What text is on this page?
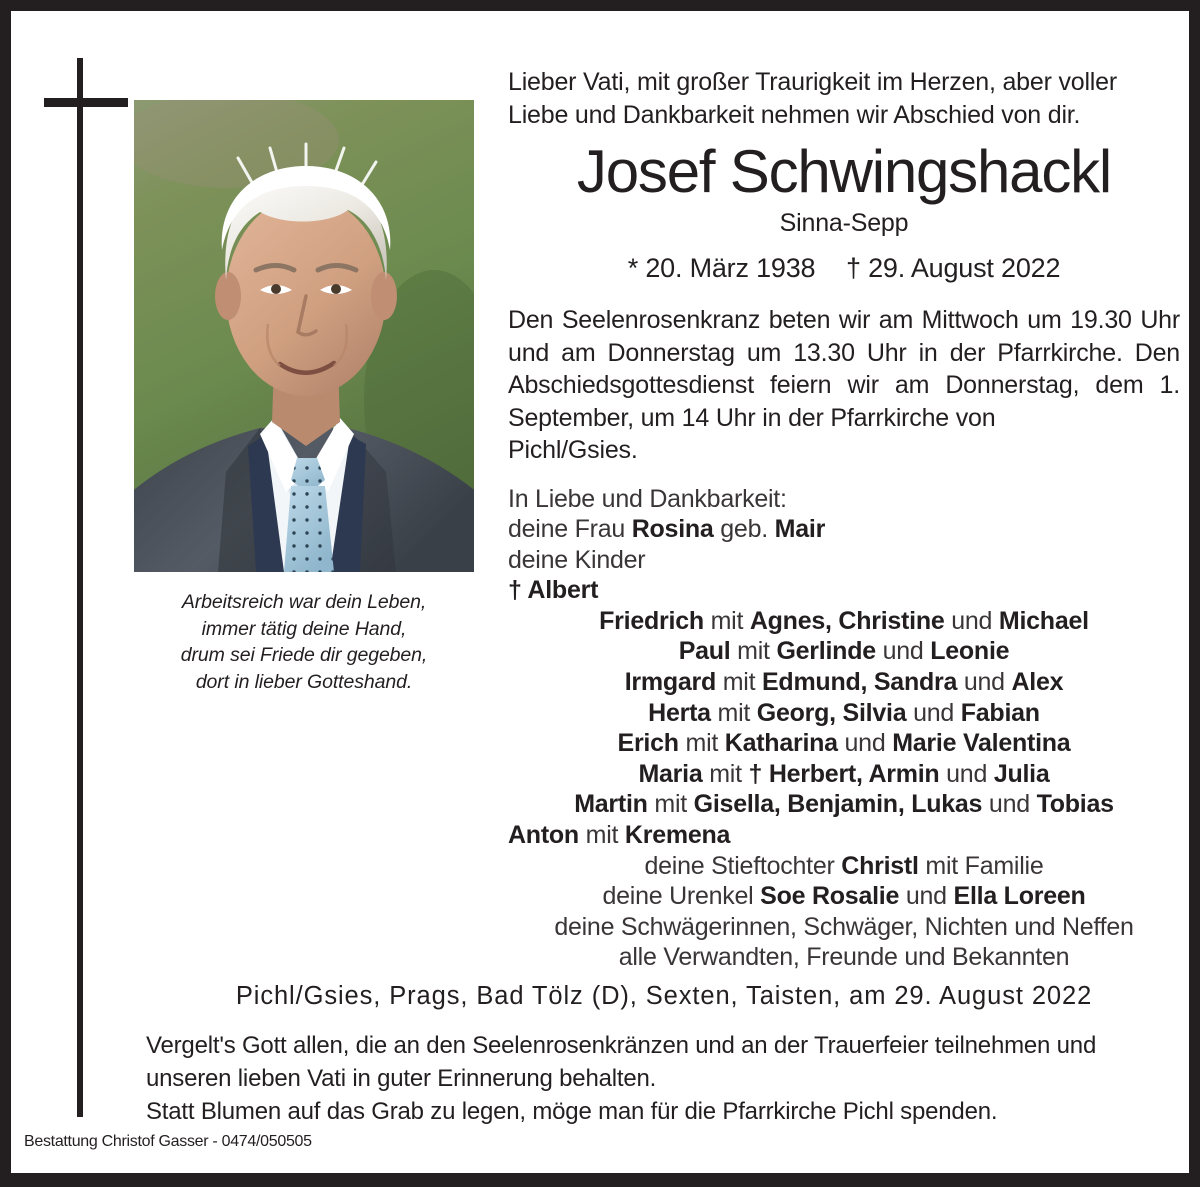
Arbeitsreich war dein Leben,
immer tätig deine Hand,
drum sei Friede dir gegeben,
dort in lieber Gotteshand.
Lieber Vati, mit großer Traurigkeit im Herzen, aber voller
Liebe und Dankbarkeit nehmen wir Abschied von dir.
Josef Schwingshackl
Sinna-Sepp
* 20. März 1938 † 29. August 2022
Den Seelenrosenkranz beten wir am Mittwoch um 19.30 Uhr und am Donnerstag um 13.30 Uhr in der Pfarrkirche. Den Abschiedsgottesdienst feiern wir am Donnerstag, dem 1. September, um 14 Uhr in der Pfarrkirche von
Pichl/Gsies.
In Liebe und Dankbarkeit:
deine Frau Rosina geb. Mair
deine Kinder
† Albert
Friedrich mit Agnes, Christine und Michael
Paul mit Gerlinde und Leonie
Irmgard mit Edmund, Sandra und Alex
Herta mit Georg, Silvia und Fabian
Erich mit Katharina und Marie Valentina
Maria mit † Herbert, Armin und Julia
Martin mit Gisella, Benjamin, Lukas und Tobias
Anton mit Kremena
deine Stieftochter Christl mit Familie
deine Urenkel Soe Rosalie und Ella Loreen
deine Schwägerinnen, Schwäger, Nichten und Neffen
alle Verwandten, Freunde und Bekannten
Pichl/Gsies, Prags, Bad Tölz (D), Sexten, Taisten, am 29. August 2022
Vergelt's Gott allen, die an den Seelenrosenkränzen und an der Trauerfeier teilnehmen und
unseren lieben Vati in guter Erinnerung behalten.
Statt Blumen auf das Grab zu legen, möge man für die Pfarrkirche Pichl spenden.
Bestattung Christof Gasser - 0474/050505
